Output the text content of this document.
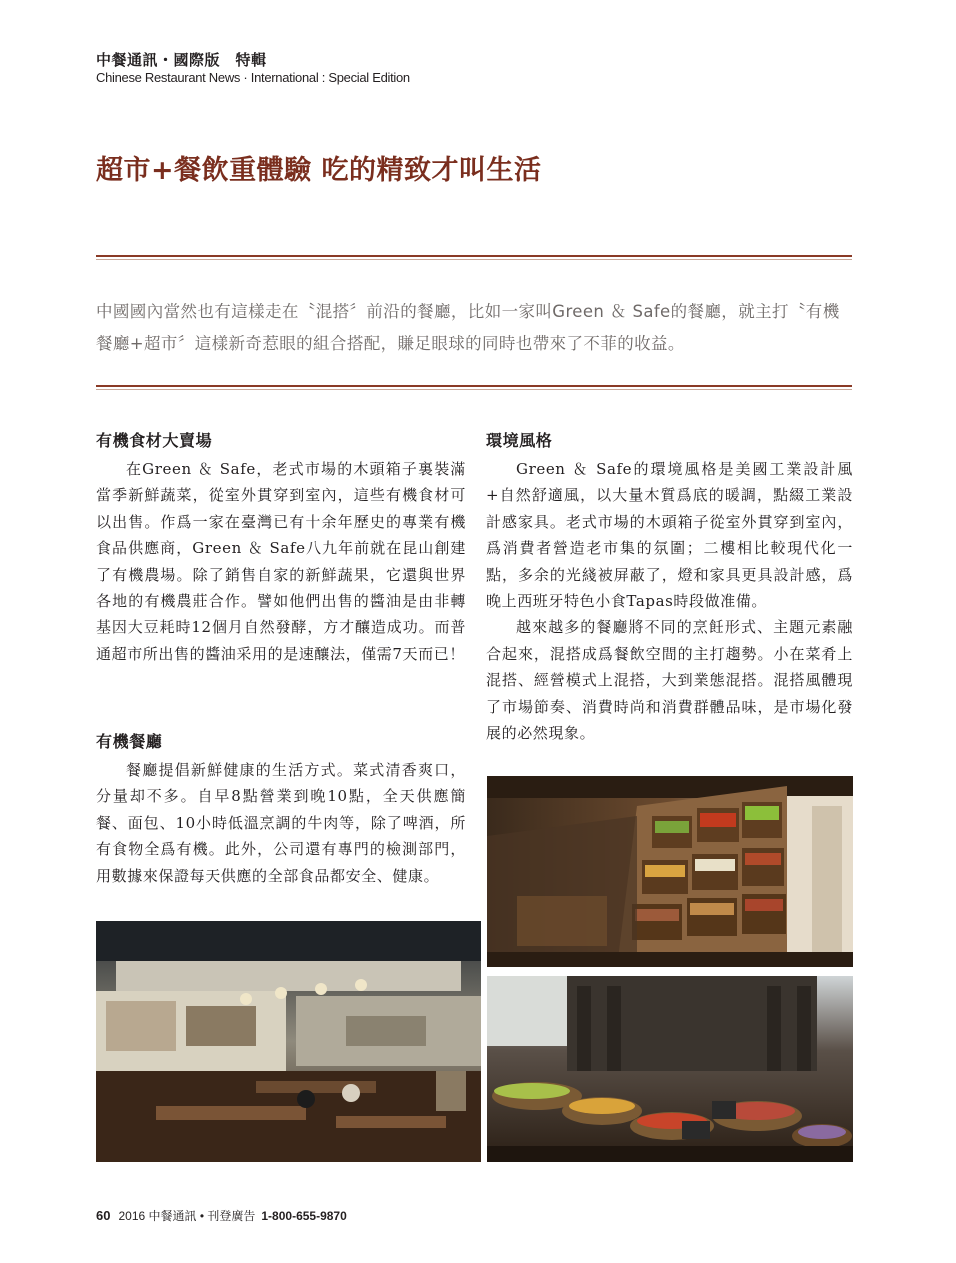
中餐通訊・國際版　特輯
Chinese Restaurant News · International : Special Edition
超市+餐飲重體驗 吃的精致才叫生活
中國國內當然也有這樣走在〝混搭〞前沿的餐廳，比如一家叫Green ＆ Safe的餐廳，就主打〝有機餐廳+超市〞這樣新奇惹眼的組合搭配，賺足眼球的同時也帶來了不菲的收益。
有機食材大賣場

在Green ＆ Safe，老式市場的木頭箱子裏裝滿當季新鮮蔬菜，從室外貫穿到室內，這些有機食材可以出售。作爲一家在臺灣已有十余年歷史的專業有機食品供應商，Green ＆ Safe八九年前就在昆山創建了有機農場。除了銷售自家的新鮮蔬果，它還與世界各地的有機農莊合作。譬如他們出售的醬油是由非轉基因大豆耗時12個月自然發酵，方才釀造成功。而普通超市所出售的醬油采用的是速釀法，僅需7天而已！

有機餐廳

餐廳提倡新鮮健康的生活方式。菜式清香爽口，分量却不多。自早8點營業到晚10點，全天供應簡餐、面包、10小時低溫烹調的牛肉等，除了啤酒，所有食物全爲有機。此外，公司還有專門的檢測部門，用數據來保證每天供應的全部食品都安全、健康。

環境風格

Green ＆ Safe的環境風格是美國工業設計風+自然舒適風，以大量木質爲底的暖調，點綴工業設計感家具。老式市場的木頭箱子從室外貫穿到室內，爲消費者營造老市集的氛圍；二樓相比較現代化一點，多余的光綫被屏蔽了，燈和家具更具設計感，爲晚上西班牙特色小食Tapas時段做准備。

越來越多的餐廳將不同的烹飪形式、主題元素融合起來，混搭成爲餐飲空間的主打趨勢。小在菜肴上混搭、經營模式上混搭，大到業態混搭。混搭風體現了市場節奏、消費時尚和消費群體品味，是市場化發展的必然現象。

60 2016 中餐通訊 • 刊登廣告 1-800-655-9870
